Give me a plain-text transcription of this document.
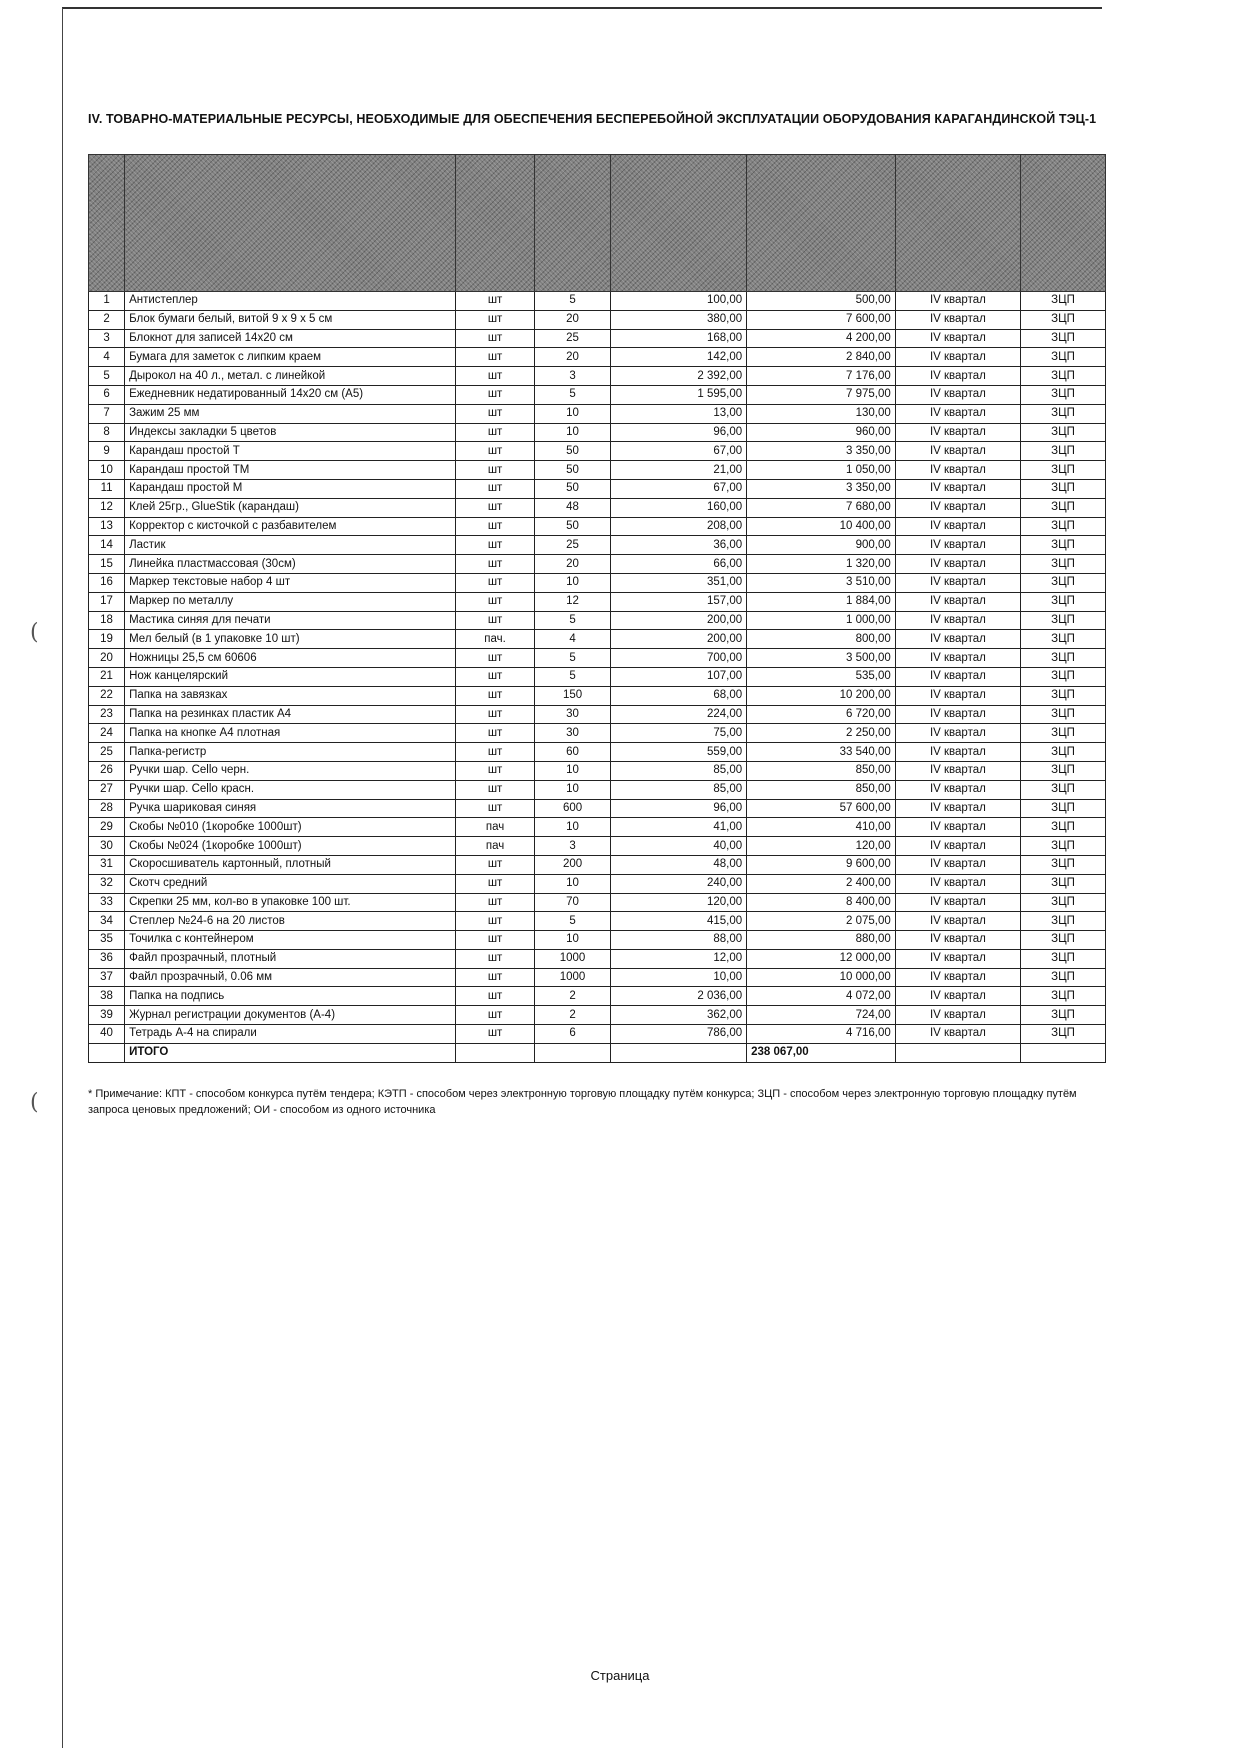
(
(
IV. ТОВАРНО-МАТЕРИАЛЬНЫЕ РЕСУРСЫ, НЕОБХОДИМЫЕ ДЛЯ ОБЕСПЕЧЕНИЯ БЕСПЕРЕБОЙНОЙ ЭКСПЛУАТАЦИИ ОБОРУДОВАНИЯ КАРАГАНДИНСКОЙ ТЭЦ-1

1	Антистеплер	шт	5	100,00	500,00	IV квартал	ЗЦП
2	Блок бумаги белый, витой 9 х 9 х 5 см	шт	20	380,00	7 600,00	IV квартал	ЗЦП
3	Блокнот для записей 14х20 см	шт	25	168,00	4 200,00	IV квартал	ЗЦП
4	Бумага для заметок с липким краем	шт	20	142,00	2 840,00	IV квартал	ЗЦП
5	Дырокол на 40 л., метал. с линейкой	шт	3	2 392,00	7 176,00	IV квартал	ЗЦП
6	Ежедневник недатированный 14х20 см (А5)	шт	5	1 595,00	7 975,00	IV квартал	ЗЦП
7	Зажим 25 мм	шт	10	13,00	130,00	IV квартал	ЗЦП
8	Индексы закладки 5 цветов	шт	10	96,00	960,00	IV квартал	ЗЦП
9	Карандаш простой Т	шт	50	67,00	3 350,00	IV квартал	ЗЦП
10	Карандаш простой ТМ	шт	50	21,00	1 050,00	IV квартал	ЗЦП
11	Карандаш простой М	шт	50	67,00	3 350,00	IV квартал	ЗЦП
12	Клей 25гр., GlueStik (карандаш)	шт	48	160,00	7 680,00	IV квартал	ЗЦП
13	Корректор с кисточкой с разбавителем	шт	50	208,00	10 400,00	IV квартал	ЗЦП
14	Ластик	шт	25	36,00	900,00	IV квартал	ЗЦП
15	Линейка пластмассовая (30см)	шт	20	66,00	1 320,00	IV квартал	ЗЦП
16	Маркер текстовые набор 4 шт	шт	10	351,00	3 510,00	IV квартал	ЗЦП
17	Маркер по металлу	шт	12	157,00	1 884,00	IV квартал	ЗЦП
18	Мастика синяя для печати	шт	5	200,00	1 000,00	IV квартал	ЗЦП
19	Мел белый (в 1 упаковке 10 шт)	пач.	4	200,00	800,00	IV квартал	ЗЦП
20	Ножницы 25,5 см 60606	шт	5	700,00	3 500,00	IV квартал	ЗЦП
21	Нож канцелярский	шт	5	107,00	535,00	IV квартал	ЗЦП
22	Папка на завязках	шт	150	68,00	10 200,00	IV квартал	ЗЦП
23	Папка на резинках пластик А4	шт	30	224,00	6 720,00	IV квартал	ЗЦП
24	Папка на кнопке А4 плотная	шт	30	75,00	2 250,00	IV квартал	ЗЦП
25	Папка-регистр	шт	60	559,00	33 540,00	IV квартал	ЗЦП
26	Ручки шар. Cello черн.	шт	10	85,00	850,00	IV квартал	ЗЦП
27	Ручки шар. Cello красн.	шт	10	85,00	850,00	IV квартал	ЗЦП
28	Ручка шариковая синяя	шт	600	96,00	57 600,00	IV квартал	ЗЦП
29	Скобы №010 (1коробке 1000шт)	пач	10	41,00	410,00	IV квартал	ЗЦП
30	Скобы №024 (1коробке 1000шт)	пач	3	40,00	120,00	IV квартал	ЗЦП
31	Скоросшиватель картонный, плотный	шт	200	48,00	9 600,00	IV квартал	ЗЦП
32	Скотч средний	шт	10	240,00	2 400,00	IV квартал	ЗЦП
33	Скрепки 25 мм, кол-во в упаковке 100 шт.	шт	70	120,00	8 400,00	IV квартал	ЗЦП
34	Степлер №24-6 на 20 листов	шт	5	415,00	2 075,00	IV квартал	ЗЦП
35	Точилка с контейнером	шт	10	88,00	880,00	IV квартал	ЗЦП
36	Файл прозрачный, плотный	шт	1000	12,00	12 000,00	IV квартал	ЗЦП
37	Файл прозрачный, 0.06 мм	шт	1000	10,00	10 000,00	IV квартал	ЗЦП
38	Папка на подпись	шт	2	2 036,00	4 072,00	IV квартал	ЗЦП
39	Журнал регистрации документов (А-4)	шт	2	362,00	724,00	IV квартал	ЗЦП
40	Тетрадь А-4 на спирали	шт	6	786,00	4 716,00	IV квартал	ЗЦП
	ИТОГО				238 067,00		
* Примечание: КПТ - способом конкурса путём тендера; КЭТП - способом через электронную торговую площадку путём конкурса; ЗЦП - способом через электронную торговую площадку путём запроса ценовых предложений; ОИ - способом из одного источника
Страница
